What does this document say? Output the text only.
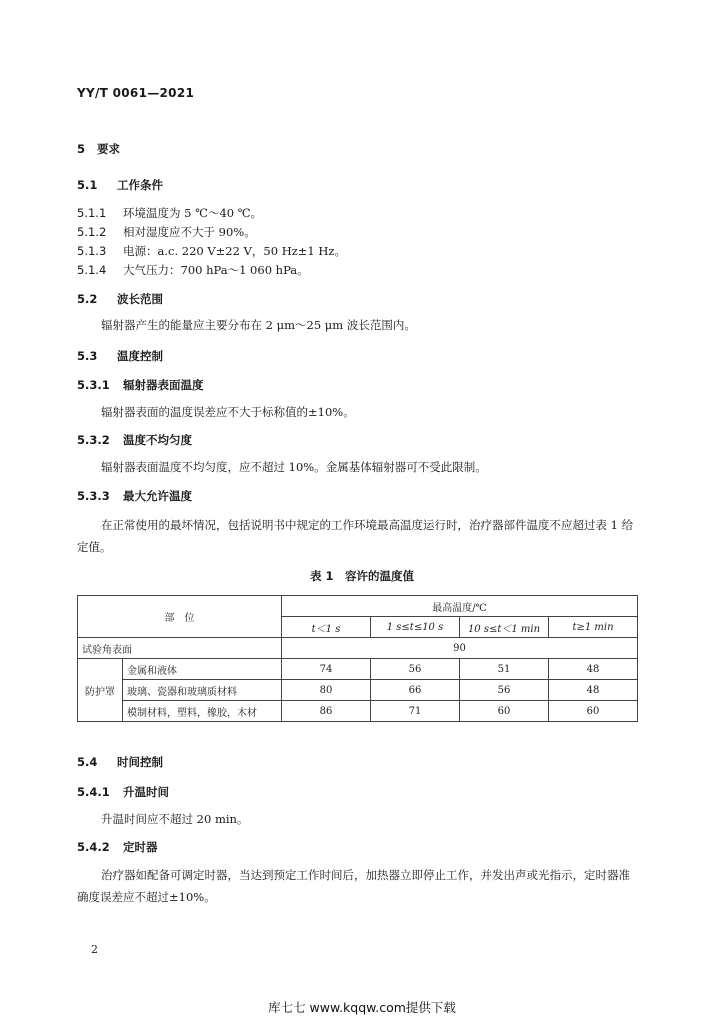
YY/T 0061—2021
5 要求
5.1 工作条件
5.1.1 环境温度为 5 ℃～40 ℃。
5.1.2 相对湿度应不大于 90%。
5.1.3 电源：a.c. 220 V±22 V，50 Hz±1 Hz。
5.1.4 大气压力：700 hPa～1 060 hPa。
5.2 波长范围
辐射器产生的能量应主要分布在 2 μm～25 μm 波长范围内。
5.3 温度控制
5.3.1 辐射器表面温度
辐射器表面的温度误差应不大于标称值的±10%。
5.3.2 温度不均匀度
辐射器表面温度不均匀度，应不超过 10%。金属基体辐射器可不受此限制。
5.3.3 最大允许温度
在正常使用的最坏情况，包括说明书中规定的工作环境最高温度运行时，治疗器部件温度不应超过表 1 给定值。
表 1　容许的温度值
部　位		最高温度/℃			
		t＜1 s	1 s≤t≤10 s	10 s≤t＜1 min	t≥1 min
试验角表面		90			
防护罩	金属和液体	74	56	51	48
	玻璃、瓷器和玻璃质材料	80	66	56	48
	模制材料，塑料，橡胶，木材	86	71	60	60
5.4 时间控制
5.4.1 升温时间
升温时间应不超过 20 min。
5.4.2 定时器
治疗器如配备可调定时器，当达到预定工作时间后，加热器立即停止工作，并发出声或光指示，定时器准确度误差应不超过±10%。
2
库七七 www.kqqw.com提供下载
